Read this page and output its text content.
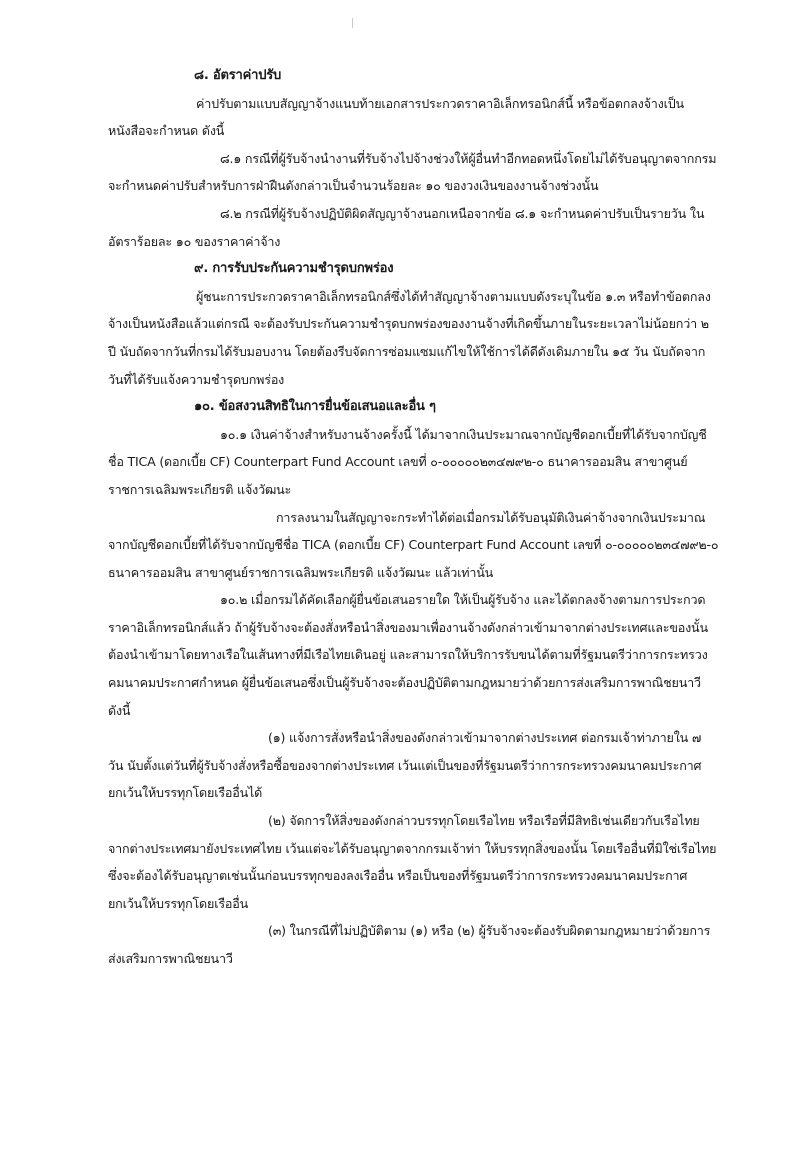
๘. อัตราค่าปรับ

ค่าปรับตามแบบสัญญาจ้างแนบท้ายเอกสารประกวดราคาอิเล็กทรอนิกส์นี้ หรือข้อตกลงจ้างเป็นหนังสือจะกำหนด ดังนี้

๘.๑ กรณีที่ผู้รับจ้างนำงานที่รับจ้างไปจ้างช่วงให้ผู้อื่นทำอีกทอดหนึ่งโดยไม่ได้รับอนุญาตจากกรมจะกำหนดค่าปรับสำหรับการฝ่าฝืนดังกล่าวเป็นจำนวนร้อยละ ๑๐ ของวงเงินของงานจ้างช่วงนั้น

๘.๒ กรณีที่ผู้รับจ้างปฏิบัติผิดสัญญาจ้างนอกเหนือจากข้อ ๘.๑ จะกำหนดค่าปรับเป็นรายวัน ในอัตราร้อยละ ๑๐ ของราคาค่าจ้าง

๙. การรับประกันความชำรุดบกพร่อง

ผู้ชนะการประกวดราคาอิเล็กทรอนิกส์ซึ่งได้ทำสัญญาจ้างตามแบบดังระบุในข้อ ๑.๓ หรือทำข้อตกลงจ้างเป็นหนังสือแล้วแต่กรณี จะต้องรับประกันความชำรุดบกพร่องของงานจ้างที่เกิดขึ้นภายในระยะเวลาไม่น้อยกว่า ๒ ปี นับถัดจากวันที่กรมได้รับมอบงาน โดยต้องรีบจัดการซ่อมแซมแก้ไขให้ใช้การได้ดีดังเดิมภายใน ๑๕ วัน นับถัดจากวันที่ได้รับแจ้งความชำรุดบกพร่อง

๑๐. ข้อสงวนสิทธิในการยื่นข้อเสนอและอื่น ๆ

๑๐.๑ เงินค่าจ้างสำหรับงานจ้างครั้งนี้ ได้มาจากเงินประมาณจากบัญชีดอกเบี้ยที่ได้รับจากบัญชี ชื่อ TICA (ดอกเบี้ย CF) Counterpart Fund Account เลขที่ ๐-๐๐๐๐๐๒๓๔๗๙๒-๐ ธนาคารออมสิน สาขาศูนย์ราชการเฉลิมพระเกียรติ แจ้งวัฒนะ

การลงนามในสัญญาจะกระทำได้ต่อเมื่อกรมได้รับอนุมัติเงินค่าจ้างจากเงินประมาณจากบัญชีดอกเบี้ยที่ได้รับจากบัญชีชื่อ TICA (ดอกเบี้ย CF) Counterpart Fund Account เลขที่ ๐-๐๐๐๐๐๒๓๔๗๙๒-๐ ธนาคารออมสิน สาขาศูนย์ราชการเฉลิมพระเกียรติ แจ้งวัฒนะ แล้วเท่านั้น

๑๐.๒ เมื่อกรมได้คัดเลือกผู้ยื่นข้อเสนอรายใด ให้เป็นผู้รับจ้าง และได้ตกลงจ้างตามการประกวดราคาอิเล็กทรอนิกส์แล้ว ถ้าผู้รับจ้างจะต้องสั่งหรือนำสิ่งของมาเพื่องานจ้างดังกล่าวเข้ามาจากต่างประเทศและของนั้นต้องนำเข้ามาโดยทางเรือในเส้นทางที่มีเรือไทยเดินอยู่ และสามารถให้บริการรับขนได้ตามที่รัฐมนตรีว่าการกระทรวงคมนาคมประกาศกำหนด ผู้ยื่นข้อเสนอซึ่งเป็นผู้รับจ้างจะต้องปฏิบัติตามกฎหมายว่าด้วยการส่งเสริมการพาณิชยนาวี ดังนี้

(๑) แจ้งการสั่งหรือนำสิ่งของดังกล่าวเข้ามาจากต่างประเทศ ต่อกรมเจ้าท่าภายใน ๗ วัน นับตั้งแต่วันที่ผู้รับจ้างสั่งหรือซื้อของจากต่างประเทศ เว้นแต่เป็นของที่รัฐมนตรีว่าการกระทรวงคมนาคมประกาศยกเว้นให้บรรทุกโดยเรืออื่นได้

(๒) จัดการให้สิ่งของดังกล่าวบรรทุกโดยเรือไทย หรือเรือที่มีสิทธิเช่นเดียวกับเรือไทยจากต่างประเทศมายังประเทศไทย เว้นแต่จะได้รับอนุญาตจากกรมเจ้าท่า ให้บรรทุกสิ่งของนั้น โดยเรืออื่นที่มิใช่เรือไทย ซึ่งจะต้องได้รับอนุญาตเช่นนั้นก่อนบรรทุกของลงเรืออื่น หรือเป็นของที่รัฐมนตรีว่าการกระทรวงคมนาคมประกาศยกเว้นให้บรรทุกโดยเรืออื่น

(๓) ในกรณีที่ไม่ปฏิบัติตาม (๑) หรือ (๒) ผู้รับจ้างจะต้องรับผิดตามกฎหมายว่าด้วยการส่งเสริมการพาณิชยนาวี
